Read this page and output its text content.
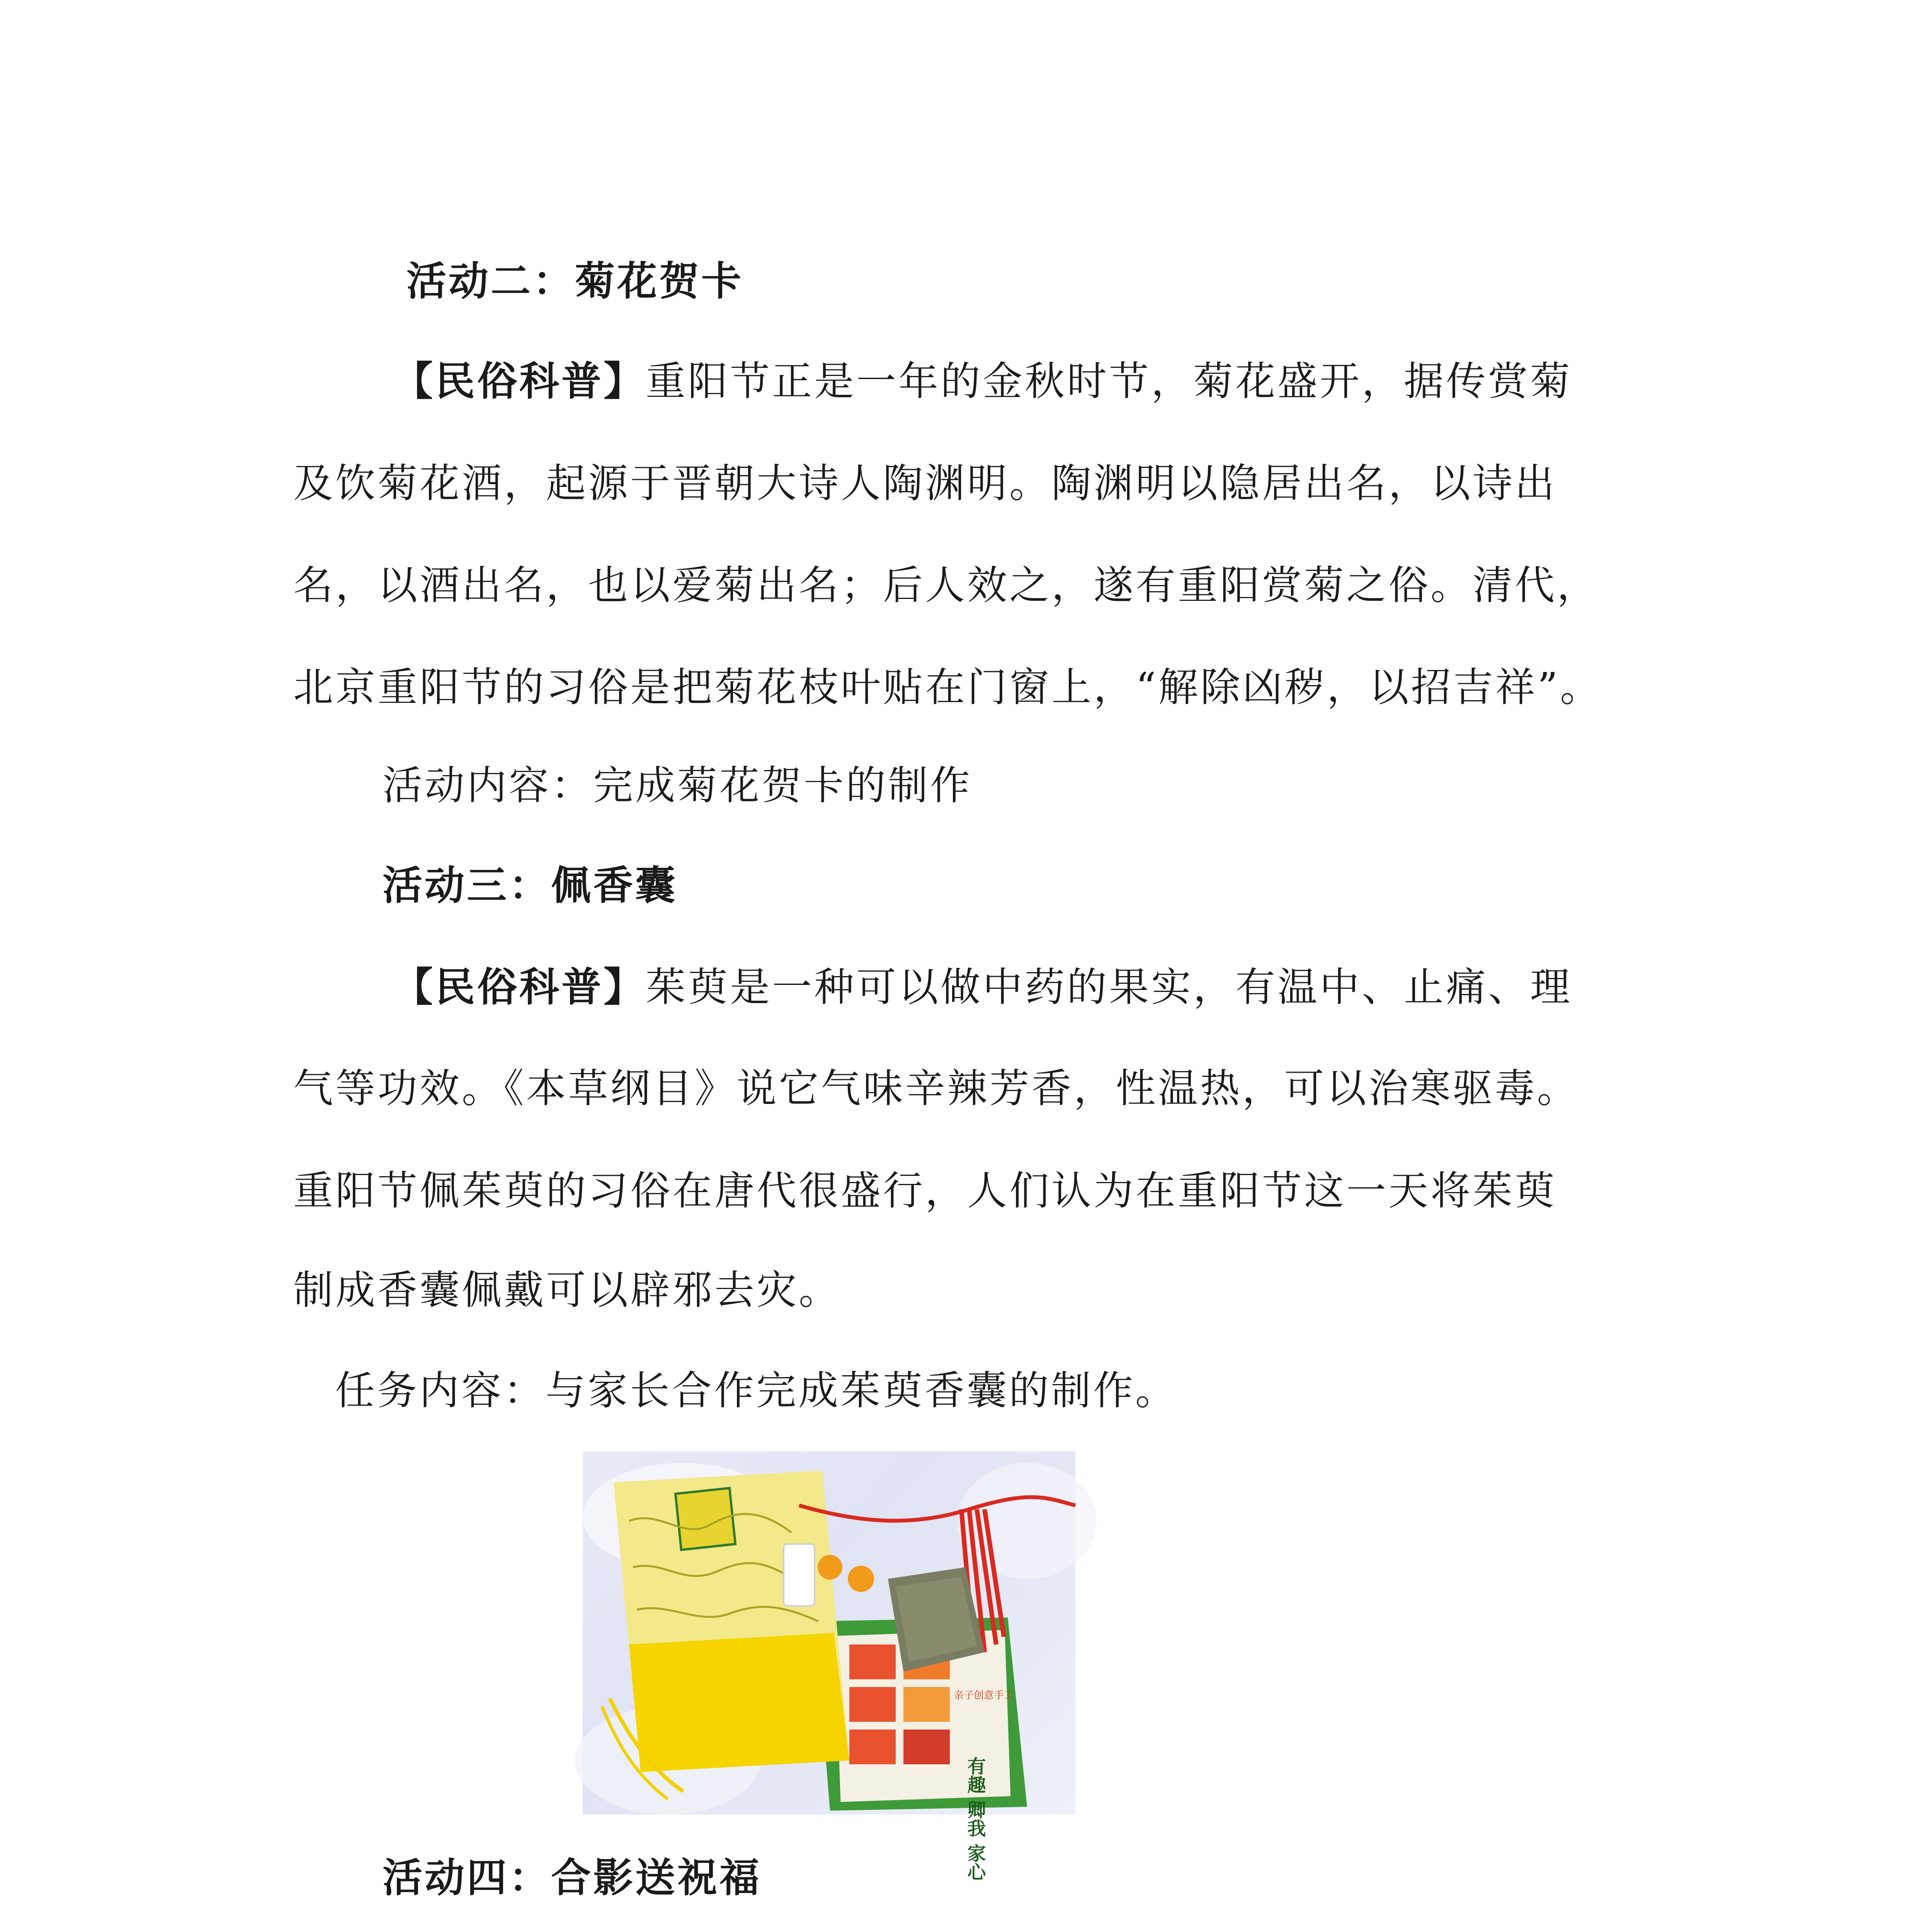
活动二：菊花贺卡
【民俗科普】重阳节正是一年的金秋时节，菊花盛开，据传赏菊
及饮菊花酒，起源于晋朝大诗人陶渊明。陶渊明以隐居出名，以诗出
名，以酒出名，也以爱菊出名；后人效之，遂有重阳赏菊之俗。清代，
北京重阳节的习俗是把菊花枝叶贴在门窗上，“解除凶秽，以招吉祥”。
活动内容：完成菊花贺卡的制作
活动三：佩香囊
【民俗科普】茱萸是一种可以做中药的果实，有温中、止痛、理
气等功效。《本草纲目》说它气味辛辣芳香，性温热，可以治寒驱毒。
重阳节佩茱萸的习俗在唐代很盛行，人们认为在重阳节这一天将茱萸
制成香囊佩戴可以辟邪去灾。
任务内容：与家长合作完成茱萸香囊的制作。
有趣 卿我 家心
亲子创意手工
活动四：合影送祝福
